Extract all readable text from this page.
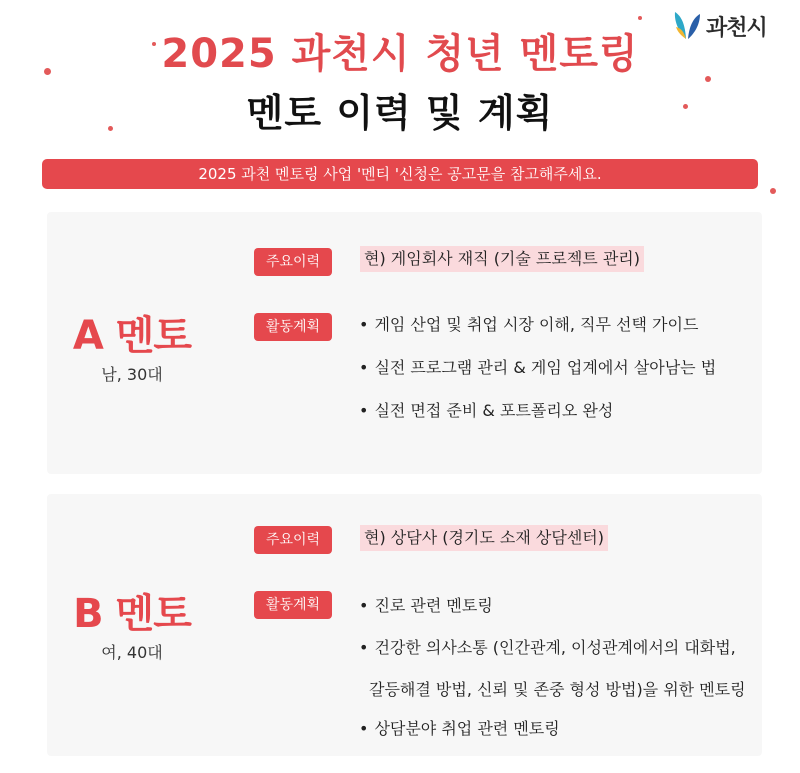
과천시
2025 과천시 청년 멘토링
멘토 이력 및 계획
2025 과천 멘토링 사업 '멘티 '신청은 공고문을 참고해주세요.
A 멘토
남, 30대
주요이력	현) 게임회사 재직 (기술 프로젝트 관리)
활동계획	• 게임 산업 및 취업 시장 이해, 직무 선택 가이드
• 실전 프로그램 관리 & 게임 업계에서 살아남는 법
• 실전 면접 준비 & 포트폴리오 완성
B 멘토
여, 40대
주요이력	현) 상담사 (경기도 소재 상담센터)
활동계획	• 진로 관련 멘토링
• 건강한 의사소통 (인간관계, 이성관계에서의 대화법,
갈등해결 방법, 신뢰 및 존중 형성 방법)을 위한 멘토링
• 상담분야 취업 관련 멘토링
